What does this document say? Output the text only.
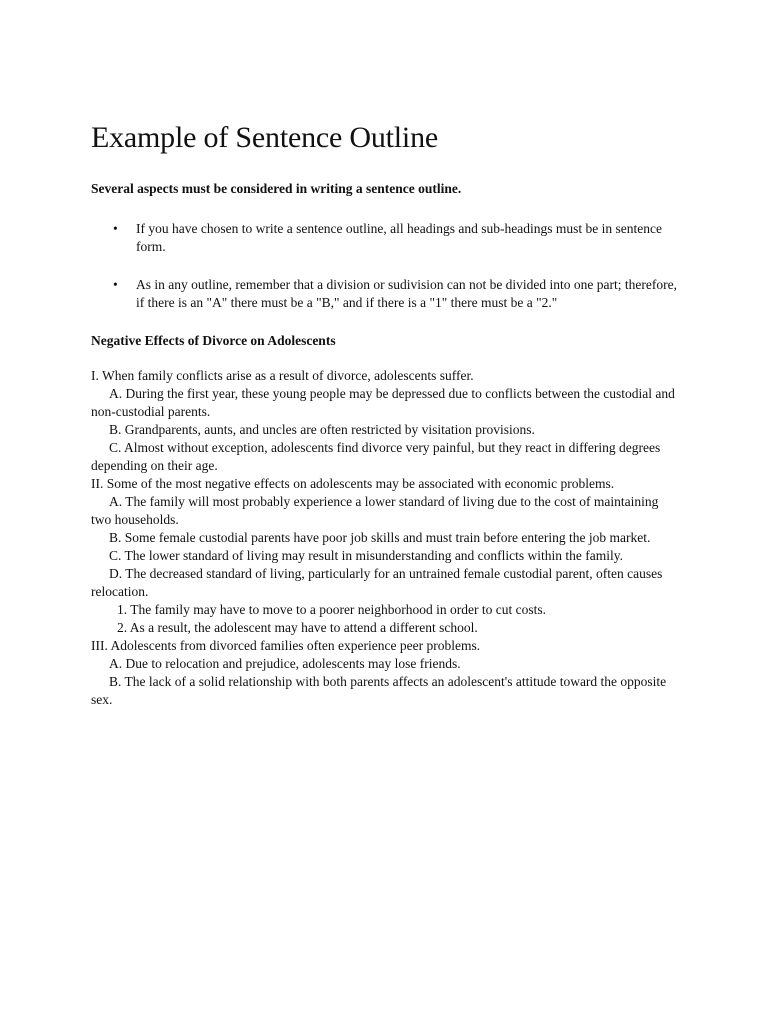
Example of Sentence Outline

Several aspects must be considered in writing a sentence outline.

• If you have chosen to write a sentence outline, all headings and sub-headings must be in sentence form.
• As in any outline, remember that a division or sudivision can not be divided into one part; therefore, if there is an "A" there must be a "B," and if there is a "1" there must be a "2."

Negative Effects of Divorce on Adolescents

I. When family conflicts arise as a result of divorce, adolescents suffer.

A. During the first year, these young people may be depressed due to conflicts between the custodial and non-custodial parents.

B. Grandparents, aunts, and uncles are often restricted by visitation provisions.

C. Almost without exception, adolescents find divorce very painful, but they react in differing degrees depending on their age.

II. Some of the most negative effects on adolescents may be associated with economic problems.

A. The family will most probably experience a lower standard of living due to the cost of maintaining two households.

B. Some female custodial parents have poor job skills and must train before entering the job market.

C. The lower standard of living may result in misunderstanding and conflicts within the family.

D. The decreased standard of living, particularly for an untrained female custodial parent, often causes relocation.

1. The family may have to move to a poorer neighborhood in order to cut costs.

2. As a result, the adolescent may have to attend a different school.

III. Adolescents from divorced families often experience peer problems.

A. Due to relocation and prejudice, adolescents may lose friends.

B. The lack of a solid relationship with both parents affects an adolescent's attitude toward the opposite sex.
